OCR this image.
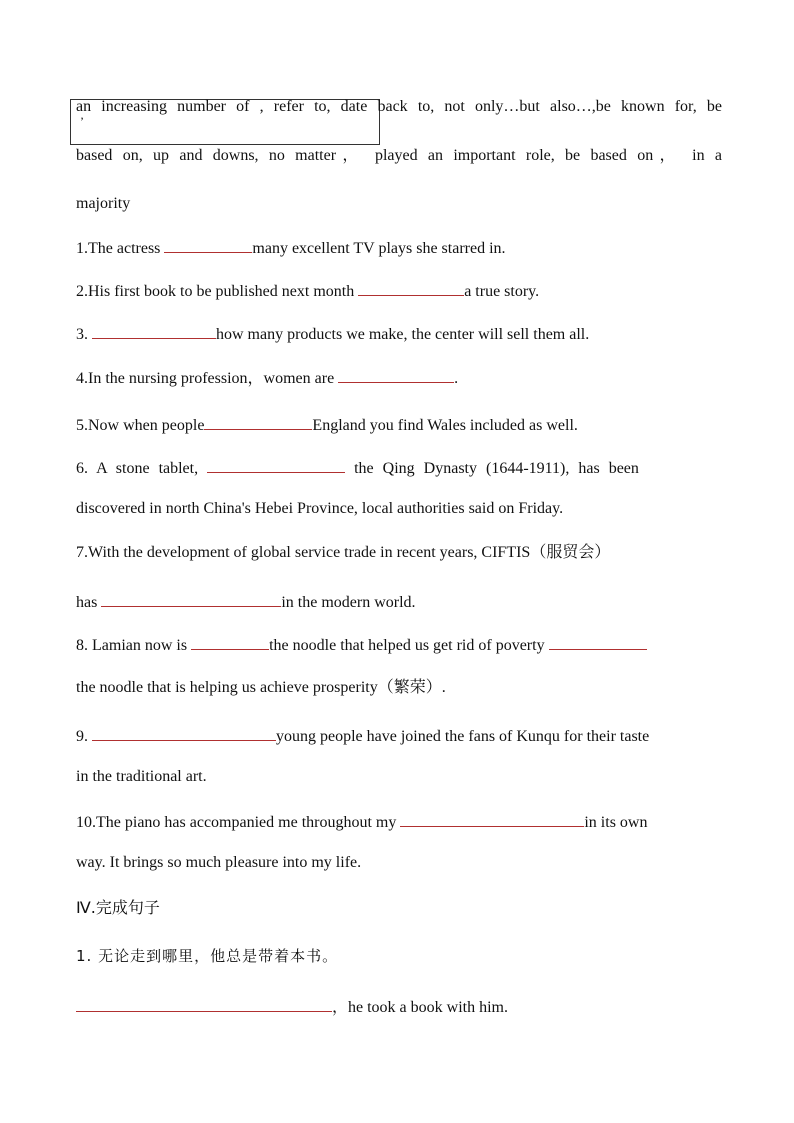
’
an increasing number of , refer to, date back to, not only…but also…,be known for, be
based on, up and downs, no matter， played an important role, be based on， in a
majority
1.The actress	many excellent TV plays she starred in.
2.His first book to be published next month	a true story.
3.	how many products we make, the center will sell them all.
4.In the nursing profession，women are	.
5.Now when people	England you find Wales included as well.
6. A stone tablet,	the Qing Dynasty (1644-1911), has been
discovered in north China's Hebei Province, local authorities said on Friday.
7.With the development of global service trade in recent years, CIFTIS（服贸会）
has	in the modern world.
8. Lamian now is	the noodle that helped us get rid of poverty
the noodle that is helping us achieve prosperity（繁荣）.
9.	young people have joined the fans of Kunqu for their taste
in the traditional art.
10.The piano has accompanied me throughout my	in its own
way. It brings so much pleasure into my life.
Ⅳ.完成句子
1. 无论走到哪里，他总是带着本书。
，he took a book with him.
